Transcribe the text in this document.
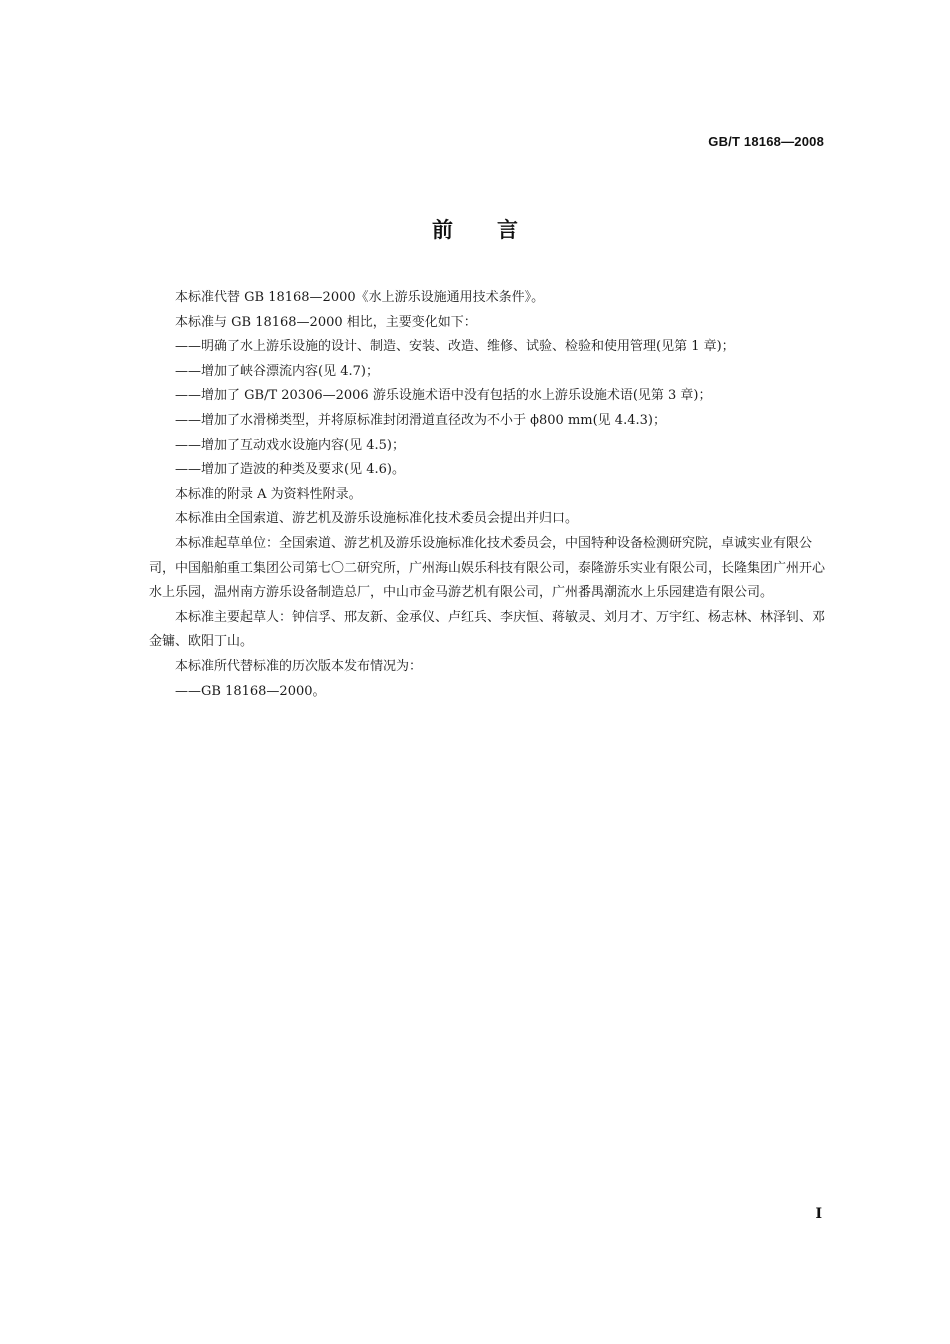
GB/T 18168—2008
前言

本标准代替 GB 18168—2000《水上游乐设施通用技术条件》。

本标准与 GB 18168—2000 相比，主要变化如下：

——明确了水上游乐设施的设计、制造、安装、改造、维修、试验、检验和使用管理(见第 1 章)；

——增加了峡谷漂流内容(见 4.7)；

——增加了 GB/T 20306—2006 游乐设施术语中没有包括的水上游乐设施术语(见第 3 章)；

——增加了水滑梯类型，并将原标准封闭滑道直径改为不小于 ϕ800 mm(见 4.4.3)；

——增加了互动戏水设施内容(见 4.5)；

——增加了造波的种类及要求(见 4.6)。

本标准的附录 A 为资料性附录。

本标准由全国索道、游艺机及游乐设施标准化技术委员会提出并归口。

本标准起草单位：全国索道、游艺机及游乐设施标准化技术委员会，中国特种设备检测研究院，卓诚实业有限公司，中国船舶重工集团公司第七〇二研究所，广州海山娱乐科技有限公司，泰隆游乐实业有限公司，长隆集团广州开心水上乐园，温州南方游乐设备制造总厂，中山市金马游艺机有限公司，广州番禺潮流水上乐园建造有限公司。

本标准主要起草人：钟信孚、邢友新、金承仪、卢红兵、李庆恒、蒋敏灵、刘月才、万宇红、杨志林、林泽钊、邓金镛、欧阳丁山。

本标准所代替标准的历次版本发布情况为：

——GB 18168—2000。

I
